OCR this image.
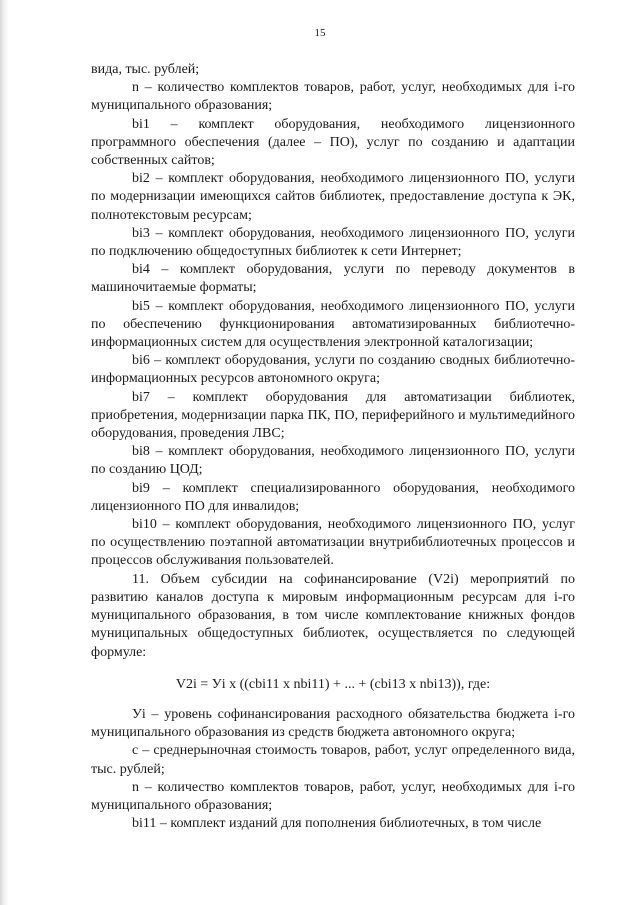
15

вида, тыс. рублей;

n – количество комплектов товаров, работ, услуг, необходимых для i-го муниципального образования;

bi1 – комплект оборудования, необходимого лицензионного программного обеспечения (далее – ПО), услуг по созданию и адаптации собственных сайтов;

bi2 – комплект оборудования, необходимого лицензионного ПО, услуги по модернизации имеющихся сайтов библиотек, предоставление доступа к ЭК, полнотекстовым ресурсам;

bi3 – комплект оборудования, необходимого лицензионного ПО, услуги по подключению общедоступных библиотек к сети Интернет;

bi4 – комплект оборудования, услуги по переводу документов в машиночитаемые форматы;

bi5 – комплект оборудования, необходимого лицензионного ПО, услуги по обеспечению функционирования автоматизированных библиотечно-информационных систем для осуществления электронной каталогизации;

bi6 – комплект оборудования, услуги по созданию сводных библиотечно-информационных ресурсов автономного округа;

bi7 – комплект оборудования для автоматизации библиотек, приобретения, модернизации парка ПК, ПО, периферийного и мультимедийного оборудования, проведения ЛВС;

bi8 – комплект оборудования, необходимого лицензионного ПО, услуги по созданию ЦОД;

bi9 – комплект специализированного оборудования, необходимого лицензионного ПО для инвалидов;

bi10 – комплект оборудования, необходимого лицензионного ПО, услуг по осуществлению поэтапной автоматизации внутрибиблиотечных процессов и процессов обслуживания пользователей.

11. Объем субсидии на софинансирование (V2i) мероприятий по развитию каналов доступа к мировым информационным ресурсам для i-го муниципального образования, в том числе комплектование книжных фондов муниципальных общедоступных библиотек, осуществляется по следующей формуле:

V2i = Уi x ((cbi11 x nbi11) + ... + (cbi13 x nbi13)), где:

Уi – уровень софинансирования расходного обязательства бюджета i-го муниципального образования из средств бюджета автономного округа;

c – среднерыночная стоимость товаров, работ, услуг определенного вида, тыс. рублей;

n – количество комплектов товаров, работ, услуг, необходимых для i-го муниципального образования;

bi11 – комплект изданий для пополнения библиотечных, в том числе
